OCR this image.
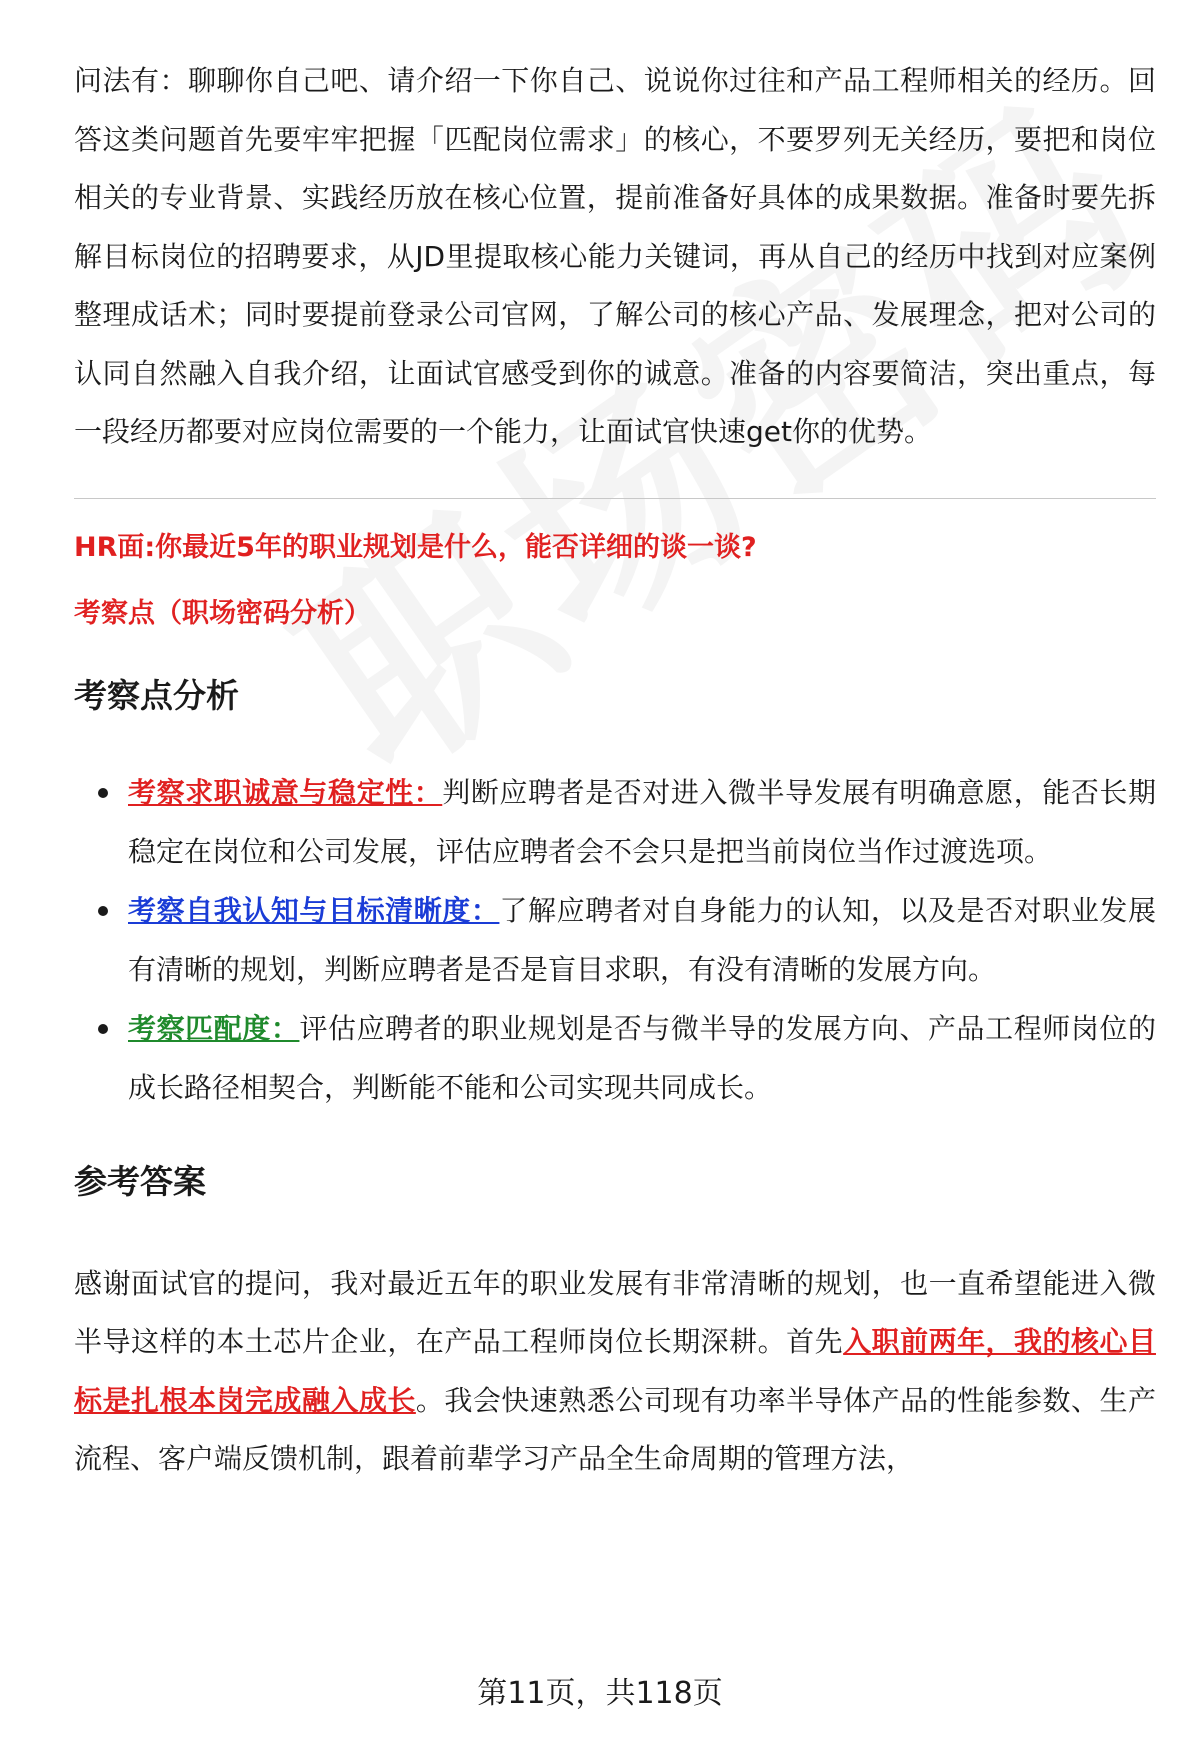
问法有：聊聊你自己吧、请介绍一下你自己、说说你过往和产品工程师相关的经历。回答这类问题首先要牢牢把握「匹配岗位需求」的核心，不要罗列无关经历，要把和岗位相关的专业背景、实践经历放在核心位置，提前准备好具体的成果数据。准备时要先拆解目标岗位的招聘要求，从JD里提取核心能力关键词，再从自己的经历中找到对应案例整理成话术；同时要提前登录公司官网，了解公司的核心产品、发展理念，把对公司的认同自然融入自我介绍，让面试官感受到你的诚意。准备的内容要简洁，突出重点，每一段经历都要对应岗位需要的一个能力，让面试官快速get你的优势。

HR面:你最近5年的职业规划是什么，能否详细的谈一谈?

考察点（职场密码分析）

考察点分析
考察求职诚意与稳定性：判断应聘者是否对进入微半导发展有明确意愿，能否长期稳定在岗位和公司发展，评估应聘者会不会只是把当前岗位当作过渡选项。
考察自我认知与目标清晰度：了解应聘者对自身能力的认知，以及是否对职业发展有清晰的规划，判断应聘者是否是盲目求职，有没有清晰的发展方向。
考察匹配度：评估应聘者的职业规划是否与微半导的发展方向、产品工程师岗位的成长路径相契合，判断能不能和公司实现共同成长。
参考答案

感谢面试官的提问，我对最近五年的职业发展有非常清晰的规划，也一直希望能进入微半导这样的本土芯片企业，在产品工程师岗位长期深耕。首先入职前两年，我的核心目标是扎根本岗完成融入成长。我会快速熟悉公司现有功率半导体产品的性能参数、生产流程、客户端反馈机制，跟着前辈学习产品全生命周期的管理方法，

第11页，共118页
